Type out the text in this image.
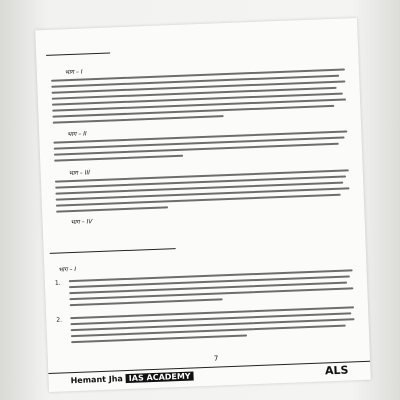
भाग – I
भाग – II
भाग – III
भाग – IV
भाग – I
1.
2.
7
Hemant Jha IAS ACADEMY	ALS
